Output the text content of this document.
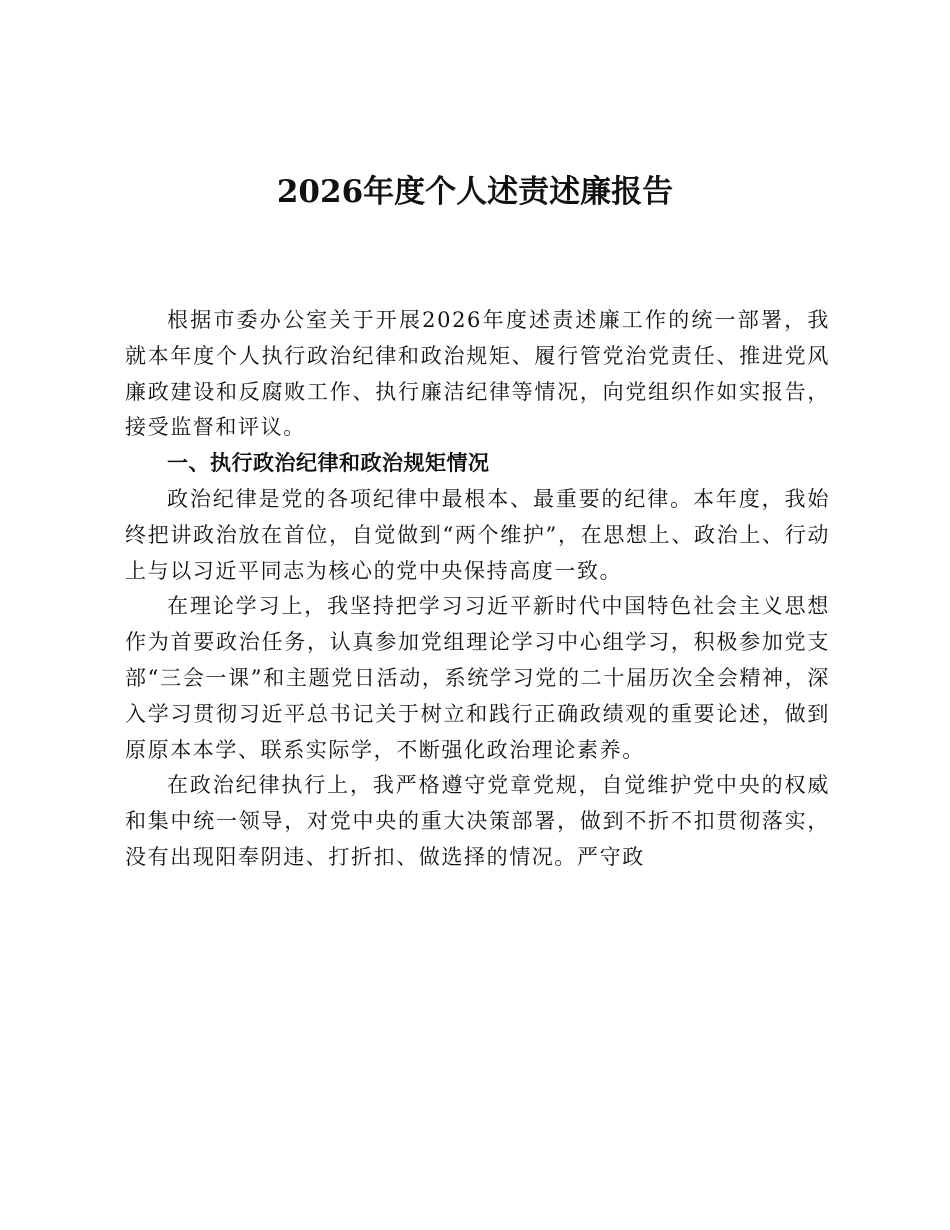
2026年度个人述责述廉报告

根据市委办公室关于开展2026年度述责述廉工作的统一部署，我就本年度个人执行政治纪律和政治规矩、履行管党治党责任、推进党风廉政建设和反腐败工作、执行廉洁纪律等情况，向党组织作如实报告，接受监督和评议。

一、执行政治纪律和政治规矩情况

政治纪律是党的各项纪律中最根本、最重要的纪律。本年度，我始终把讲政治放在首位，自觉做到“两个维护”，在思想上、政治上、行动上与以习近平同志为核心的党中央保持高度一致。

在理论学习上，我坚持把学习习近平新时代中国特色社会主义思想作为首要政治任务，认真参加党组理论学习中心组学习，积极参加党支部“三会一课”和主题党日活动，系统学习党的二十届历次全会精神，深入学习贯彻习近平总书记关于树立和践行正确政绩观的重要论述，做到原原本本学、联系实际学，不断强化政治理论素养。

在政治纪律执行上，我严格遵守党章党规，自觉维护党中央的权威和集中统一领导，对党中央的重大决策部署，做到不折不扣贯彻落实，没有出现阳奉阴违、打折扣、做选择的情况。严守政
